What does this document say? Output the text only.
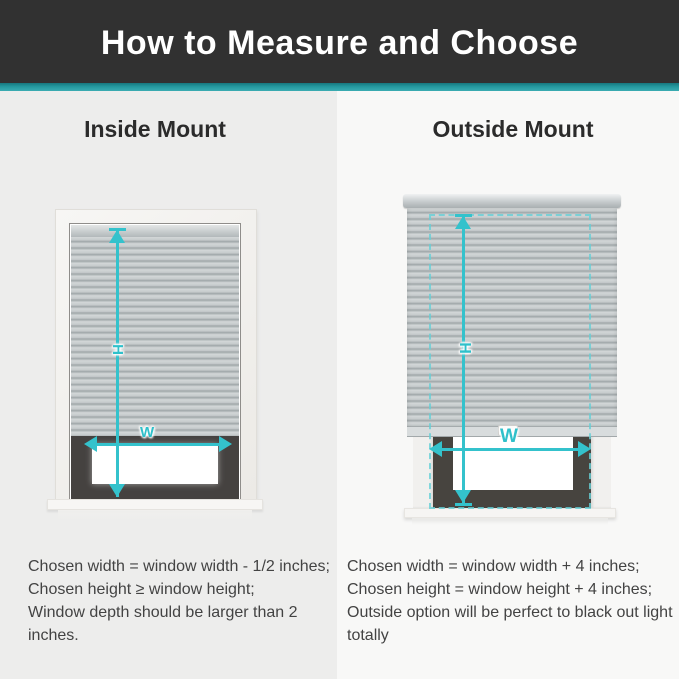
How to Measure and Choose
Inside Mount
H
W

Chosen width = window width - 1/2 inches;

Chosen height ≥ window height;

Window depth should be larger than 2 inches.

Outside Mount
H
W

Chosen width = window width + 4 inches;

Chosen height = window height + 4 inches;

Outside option will be perfect to black out light totally
